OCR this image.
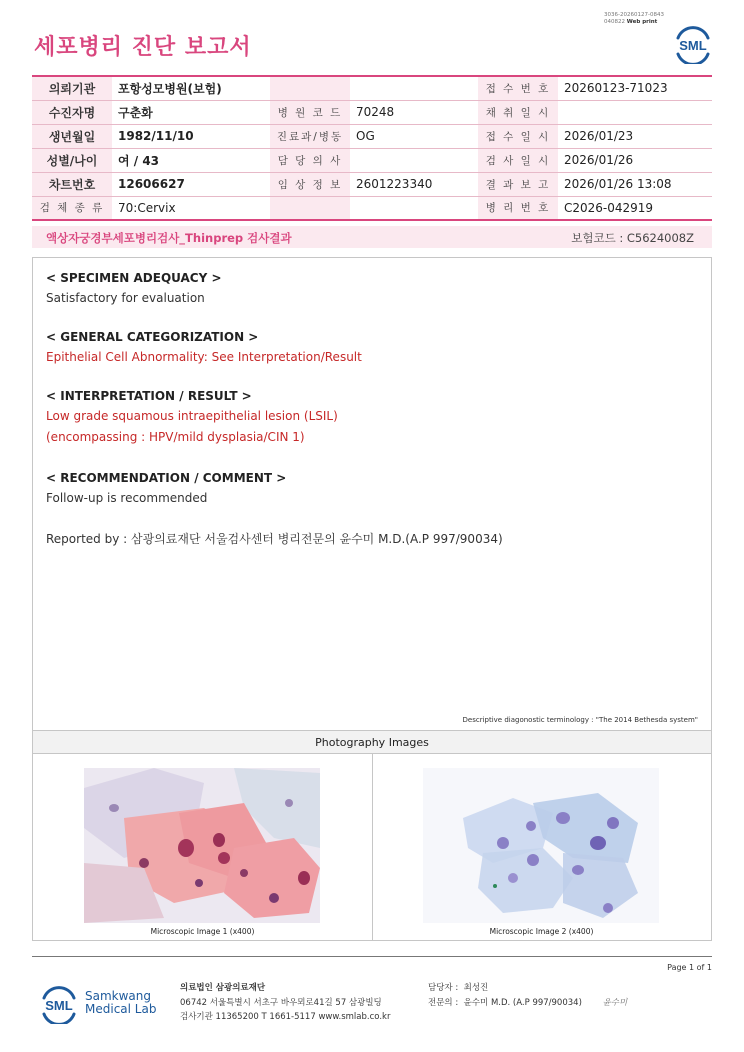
3036-20260127-0843
040822 Web print
세포병리 진단 보고서	SML
의뢰기관	포항성모병원(보험)			접 수 번 호	20260123-71023
수진자명	구춘화	병 원 코 드	70248	채 취 일 시	
생년월일	1982/11/10	진료과/병동	OG	접 수 일 시	2026/01/23
성별/나이	여 / 43	담 당 의 사		검 사 일 시	2026/01/26
차트번호	12606627	임 상 정 보	2601223340	결 과 보 고	2026/01/26 13:08
검 체 종 류	70:Cervix			병 리 번 호	C2026-042919
액상자궁경부세포병리검사_Thinprep 검사결과	보험코드 : C5624008Z
< SPECIMEN ADEQUACY >
Satisfactory for evaluation
< GENERAL CATEGORIZATION >
Epithelial Cell Abnormality: See Interpretation/Result
< INTERPRETATION / RESULT >
Low grade squamous intraepithelial lesion (LSIL)
(encompassing : HPV/mild dysplasia/CIN 1)
< RECOMMENDATION / COMMENT >
Follow-up is recommended
Reported by : 삼광의료재단 서울검사센터 병리전문의 윤수미 M.D.(A.P 997/90034)
Descriptive diagonostic terminology : "The 2014 Bethesda system"
Photography Images
Microscopic Image 1 (x400)	Microscopic Image 2 (x400)
Page 1 of 1
SML
Samkwang
Medical Lab
의료법인 삼광의료재단
06742 서울특별시 서초구 바우뫼로41길 57 삼광빌딩
검사기관 11365200 T 1661-5117 www.smlab.co.kr
담당자 : 최성진
전문의 : 윤수미 M.D. (A.P 997/90034) 윤수미
